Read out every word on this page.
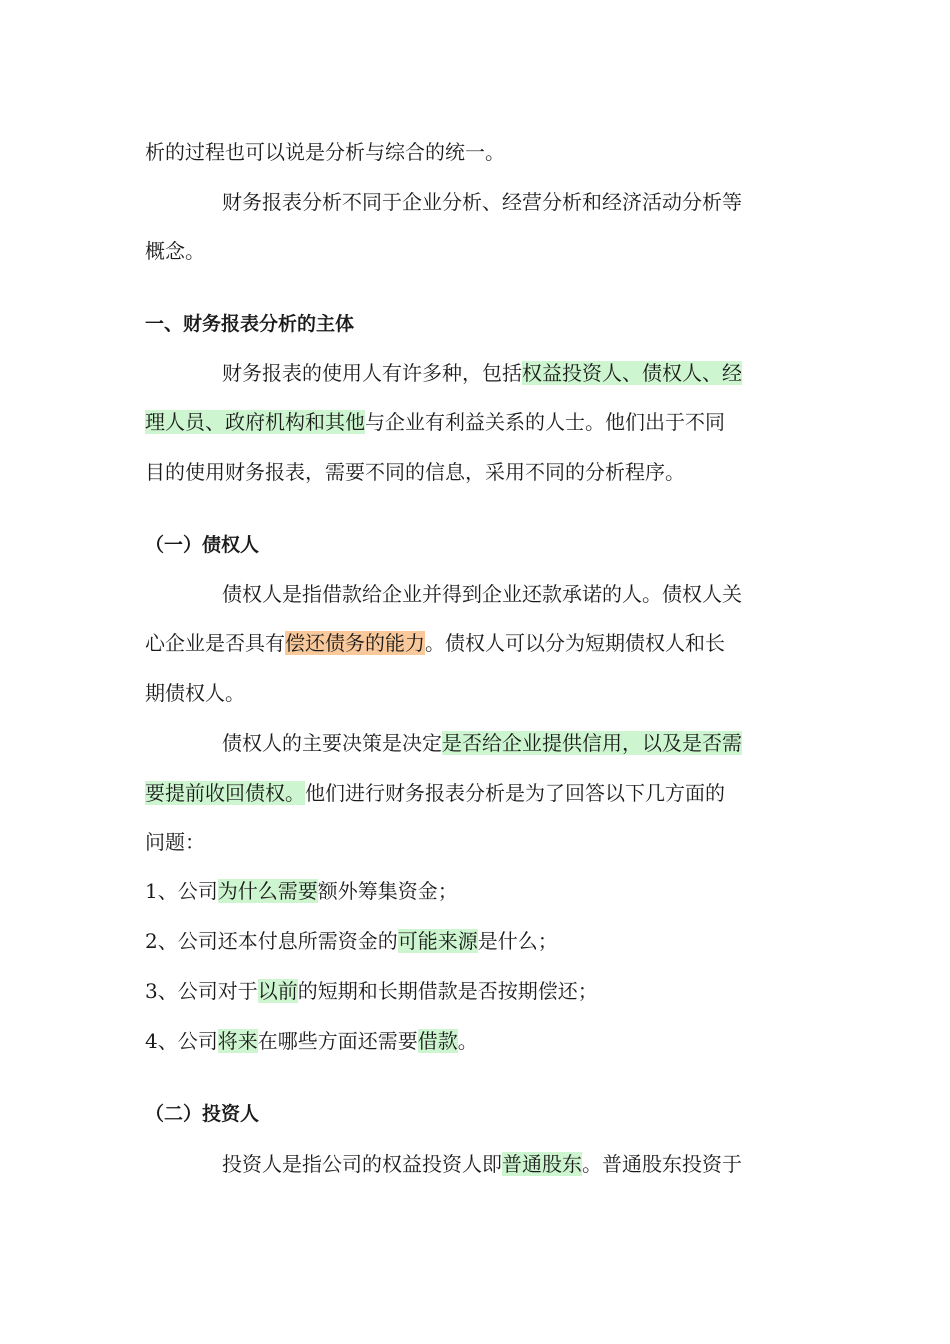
析的过程也可以说是分析与综合的统一。
财务报表分析不同于企业分析、经营分析和经济活动分析等
概念。
一、财务报表分析的主体
财务报表的使用人有许多种，包括权益投资人、债权人、经
理人员、政府机构和其他与企业有利益关系的人士。他们出于不同
目的使用财务报表，需要不同的信息，采用不同的分析程序。
（一）债权人
债权人是指借款给企业并得到企业还款承诺的人。债权人关
心企业是否具有偿还债务的能力。债权人可以分为短期债权人和长
期债权人。
债权人的主要决策是决定是否给企业提供信用，以及是否需
要提前收回债权。他们进行财务报表分析是为了回答以下几方面的
问题：
1、公司为什么需要额外筹集资金；
2、公司还本付息所需资金的可能来源是什么；
3、公司对于以前的短期和长期借款是否按期偿还；
4、公司将来在哪些方面还需要借款。
（二）投资人
投资人是指公司的权益投资人即普通股东。普通股东投资于
